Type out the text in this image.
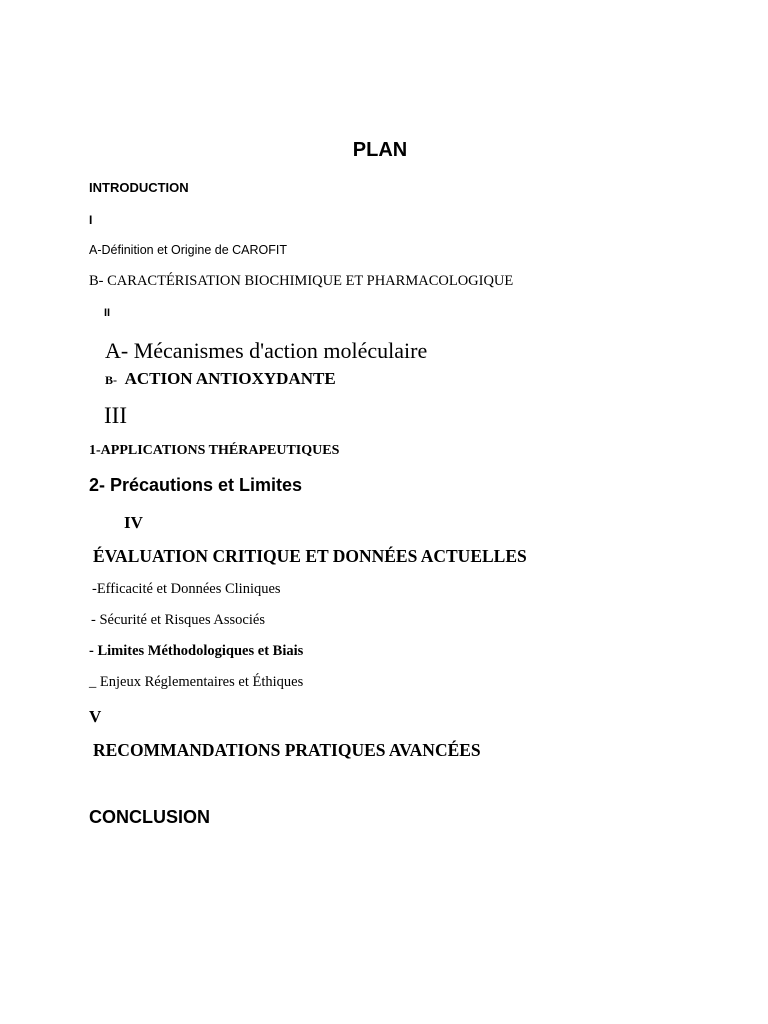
PLAN

INTRODUCTION

I

A-Définition et Origine de CAROFIT

B- CARACTÉRISATION BIOCHIMIQUE ET PHARMACOLOGIQUE

II

A- Mécanismes d'action moléculaire

B- ACTION ANTIOXYDANTE

III

1-APPLICATIONS THÉRAPEUTIQUES

2- Précautions et Limites

IV

ÉVALUATION CRITIQUE ET DONNÉES ACTUELLES

-Efficacité et Données Cliniques

- Sécurité et Risques Associés

- Limites Méthodologiques et Biais

_ Enjeux Réglementaires et Éthiques

V

RECOMMANDATIONS PRATIQUES AVANCÉES

CONCLUSION
